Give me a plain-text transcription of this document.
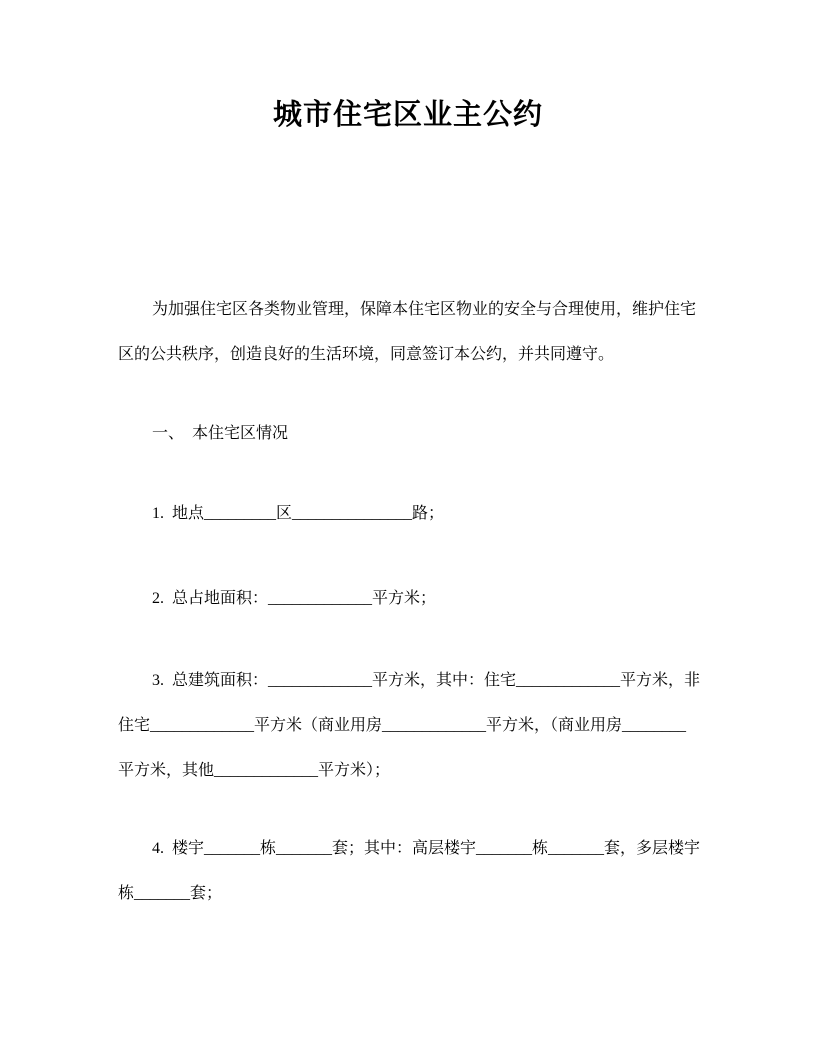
城市住宅区业主公约
为加强住宅区各类物业管理，保障本住宅区物业的安全与合理使用，维护住宅
区的公共秩序，创造良好的生活环境，同意签订本公约，并共同遵守。
一、  本住宅区情况
1.  地点_________区_______________路；
2.  总占地面积：_____________平方米；
3.  总建筑面积：_____________平方米，其中：住宅_____________平方米，非
住宅_____________平方米（商业用房_____________平方米，（商业用房________
平方米，其他_____________平方米）；
4.  楼宇_______栋_______套；其中：高层楼宇_______栋_______套，多层楼宇
栋_______套；
